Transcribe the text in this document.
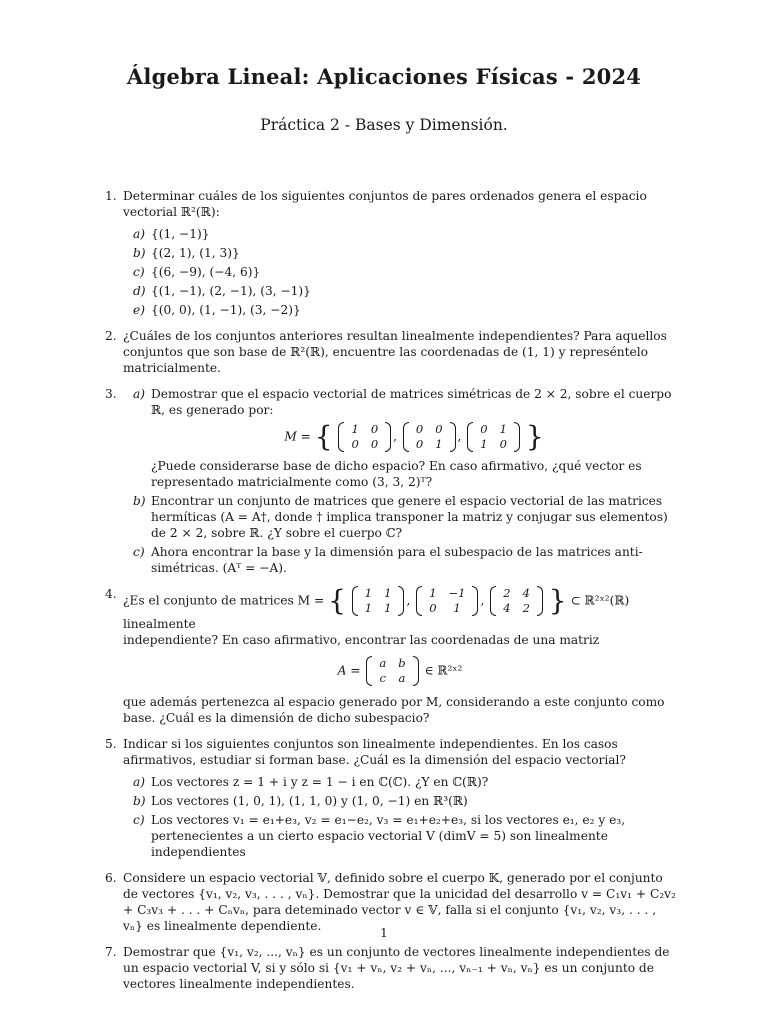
Álgebra Lineal: Aplicaciones Físicas - 2024
Práctica 2 - Bases y Dimensión.
1. Determinar cuáles de los siguientes conjuntos de pares ordenados genera el espacio vectorial ℝ²(ℝ):
a) {(1, −1)}
b) {(2, 1), (1, 3)}
c) {(6, −9), (−4, 6)}
d) {(1, −1), (2, −1), (3, −1)}
e) {(0, 0), (1, −1), (3, −2)}
2. ¿Cuáles de los conjuntos anteriores resultan linealmente independientes? Para aquellos conjuntos que son base de ℝ²(ℝ), encuentre las coordenadas de (1, 1) y represéntelo matricialmente.
3. a) Demostrar que el espacio vectorial de matrices simétricas de 2 × 2, sobre el cuerpo ℝ, es generado por:
M = { 1	0
0	0
,
0	0
0	1
,
0	1
1	0 }
¿Puede considerarse base de dicho espacio? En caso afirmativo, ¿qué vector es representado matricialmente como (3, 3, 2)ᵀ?
b) Encontrar un conjunto de matrices que genere el espacio vectorial de las matrices hermíticas (A = A†, donde † implica transponer la matriz y conjugar sus elementos) de 2 × 2, sobre ℝ. ¿Y sobre el cuerpo ℂ?
c) Ahora encontrar la base y la dimensión para el subespacio de las matrices anti-simétricas. (Aᵀ = −A).
4. ¿Es el conjunto de matrices M = { 1	1
1	1
,
1	−1
0	1
,
2	4
4	2 } ⊂ ℝ²ˣ²(ℝ) linealmente
independiente? En caso afirmativo, encontrar las coordenadas de una matriz
A =
a	b
c	a
∈ ℝ²ˣ²
que además pertenezca al espacio generado por M, considerando a este conjunto como base. ¿Cuál es la dimensión de dicho subespacio?
5. Indicar si los siguientes conjuntos son linealmente independientes. En los casos afirmativos, estudiar si forman base. ¿Cuál es la dimensión del espacio vectorial?
a) Los vectores z = 1 + i y z = 1 − i en ℂ(ℂ). ¿Y en ℂ(ℝ)?
b) Los vectores (1, 0, 1), (1, 1, 0) y (1, 0, −1) en ℝ³(ℝ)
c) Los vectores v₁ = e₁+e₃, v₂ = e₁−e₂, v₃ = e₁+e₂+e₃, si los vectores e₁, e₂ y e₃, pertenecientes a un cierto espacio vectorial V (dimV = 5) son linealmente independientes
6. Considere un espacio vectorial 𝕍, definido sobre el cuerpo 𝕂, generado por el conjunto de vectores {v₁, v₂, v₃, . . . , vₙ}. Demostrar que la unicidad del desarrollo v = C₁v₁ + C₂v₂ + C₃v₃ + . . . + Cₙvₙ, para deteminado vector v ∈ 𝕍, falla si el conjunto {v₁, v₂, v₃, . . . , vₙ} es linealmente dependiente.
7. Demostrar que {v₁, v₂, ..., vₙ} es un conjunto de vectores linealmente independientes de un espacio vectorial V, si y sólo si {v₁ + vₙ, v₂ + vₙ, ..., vₙ₋₁ + vₙ, vₙ} es un conjunto de vectores linealmente independientes.
1
